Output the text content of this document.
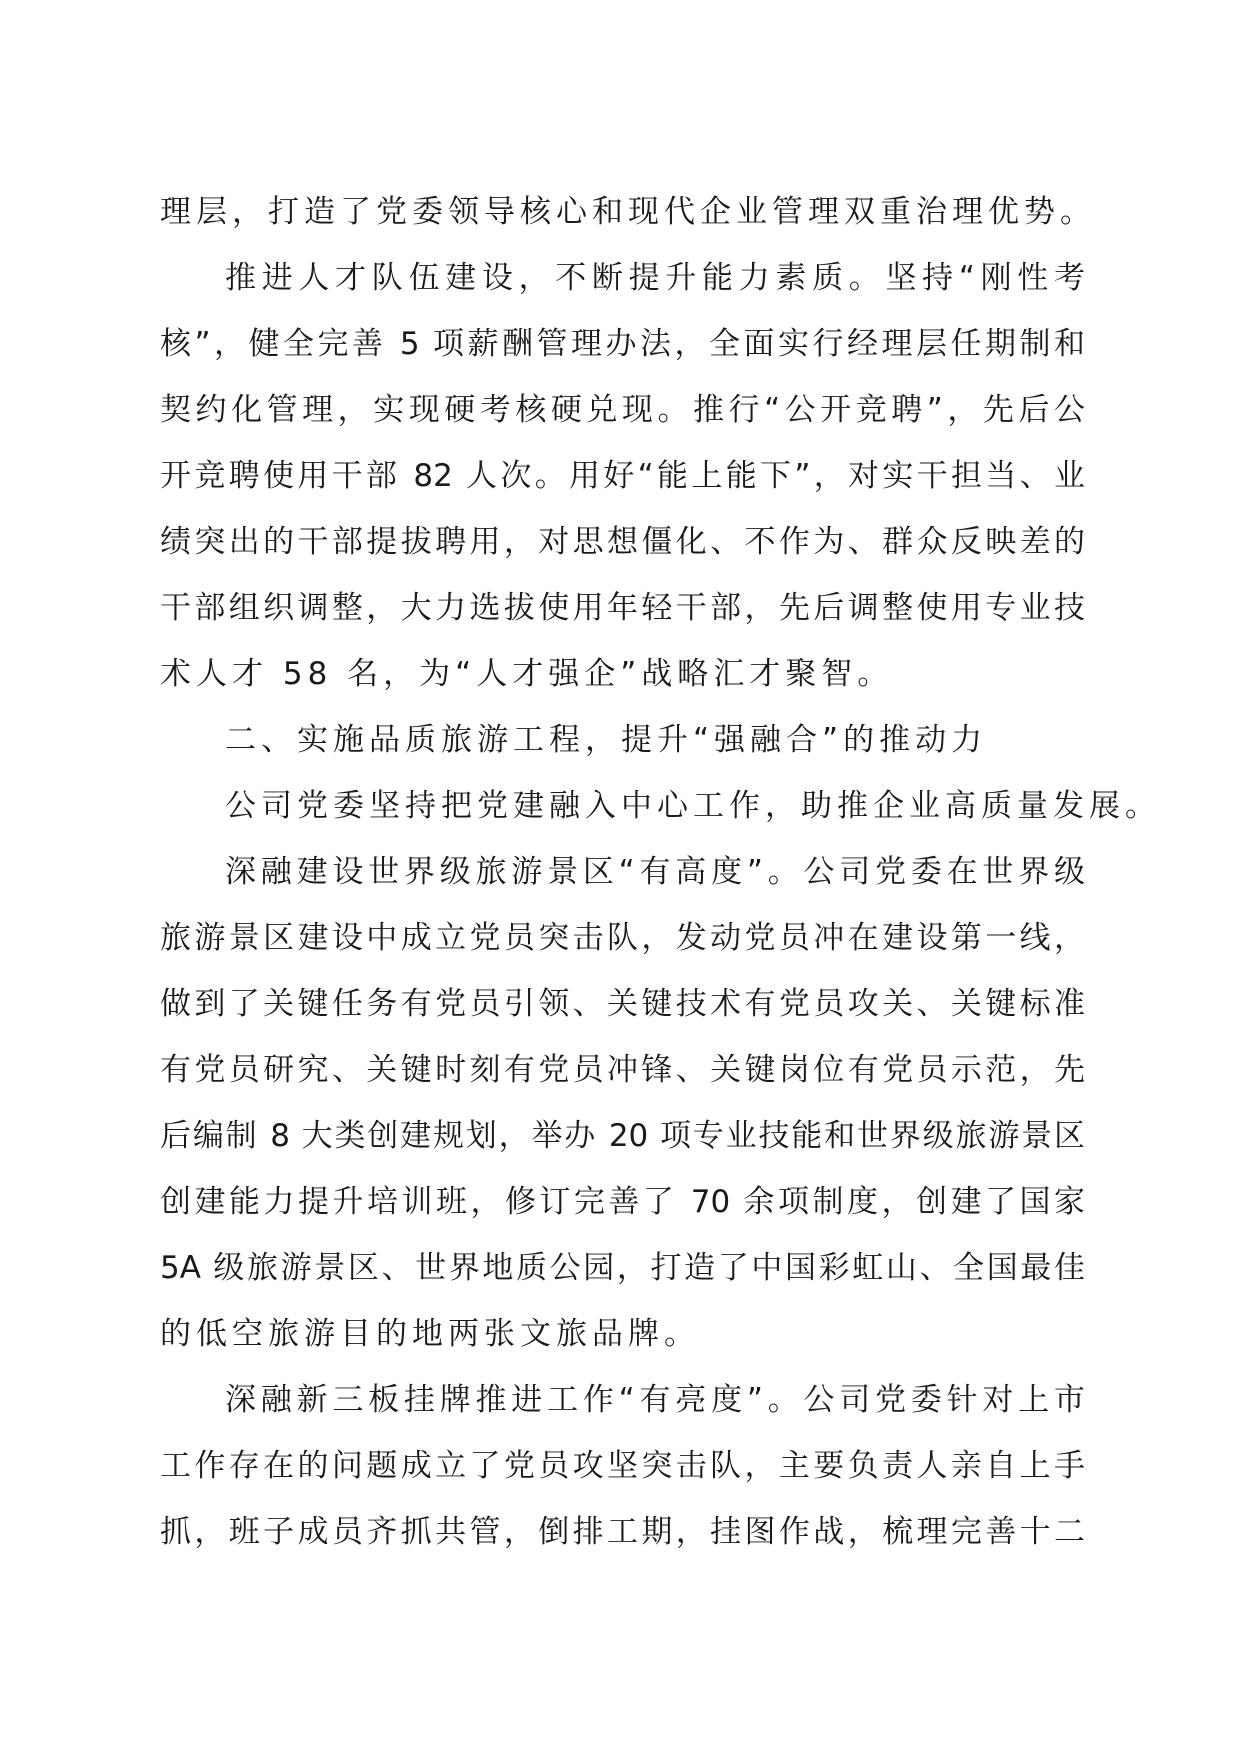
理层，打造了党委领导核心和现代企业管理双重治理优势。
推进人才队伍建设，不断提升能力素质。坚持“刚性考
核”，健全完善 5 项薪酬管理办法，全面实行经理层任期制和
契约化管理，实现硬考核硬兑现。推行“公开竞聘”，先后公
开竞聘使用干部 82 人次。用好“能上能下”，对实干担当、业
绩突出的干部提拔聘用，对思想僵化、不作为、群众反映差的
干部组织调整，大力选拔使用年轻干部，先后调整使用专业技
术人才 58 名，为“人才强企”战略汇才聚智。
二、实施品质旅游工程，提升“强融合”的推动力
公司党委坚持把党建融入中心工作，助推企业高质量发展。
深融建设世界级旅游景区“有高度”。公司党委在世界级
旅游景区建设中成立党员突击队，发动党员冲在建设第一线，
做到了关键任务有党员引领、关键技术有党员攻关、关键标准
有党员研究、关键时刻有党员冲锋、关键岗位有党员示范，先
后编制 8 大类创建规划，举办 20 项专业技能和世界级旅游景区
创建能力提升培训班，修订完善了 70 余项制度，创建了国家
5A 级旅游景区、世界地质公园，打造了中国彩虹山、全国最佳
的低空旅游目的地两张文旅品牌。
深融新三板挂牌推进工作“有亮度”。公司党委针对上市
工作存在的问题成立了党员攻坚突击队，主要负责人亲自上手
抓，班子成员齐抓共管，倒排工期，挂图作战，梳理完善十二
